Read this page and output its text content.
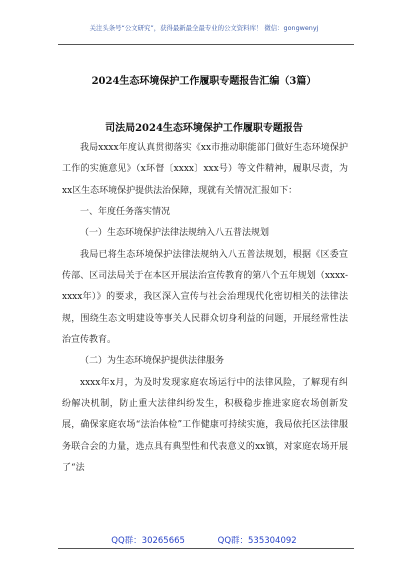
关注头条号“公文研究”，获得最新最全最专业的公文资料库！ 微信：gongwenyj
2024生态环境保护工作履职专题报告汇编（3篇）
司法局2024生态环境保护工作履职专题报告

我局xxxx年度认真贯彻落实《xx市推动职能部门做好生态环境保护工作的实施意见》（x环督〔xxxx〕xxx号）等文件精神，履职尽责，为xx区生态环境保护提供法治保障，现就有关情况汇报如下：

一、年度任务落实情况

（一）生态环境保护法律法规纳入八五普法规划

我局已将生态环境保护法律法规纳入八五普法规划，根据《区委宣传部、区司法局关于在本区开展法治宣传教育的第八个五年规划（xxxx-xxxx年）》的要求，我区深入宣传与社会治理现代化密切相关的法律法规，围绕生态文明建设等事关人民群众切身利益的问题，开展经常性法治宣传教育。

（二）为生态环境保护提供法律服务

xxxx年x月，为及时发现家庭农场运行中的法律风险，了解现有纠纷解决机制，防止重大法律纠纷发生，积极稳步推进家庭农场创新发展，确保家庭农场“法治体检”工作健康可持续实施，我局依托区法律服务联合会的力量，选点具有典型性和代表意义的xx镇，对家庭农场开展了“法

QQ群：30265665	QQ群：535304092
